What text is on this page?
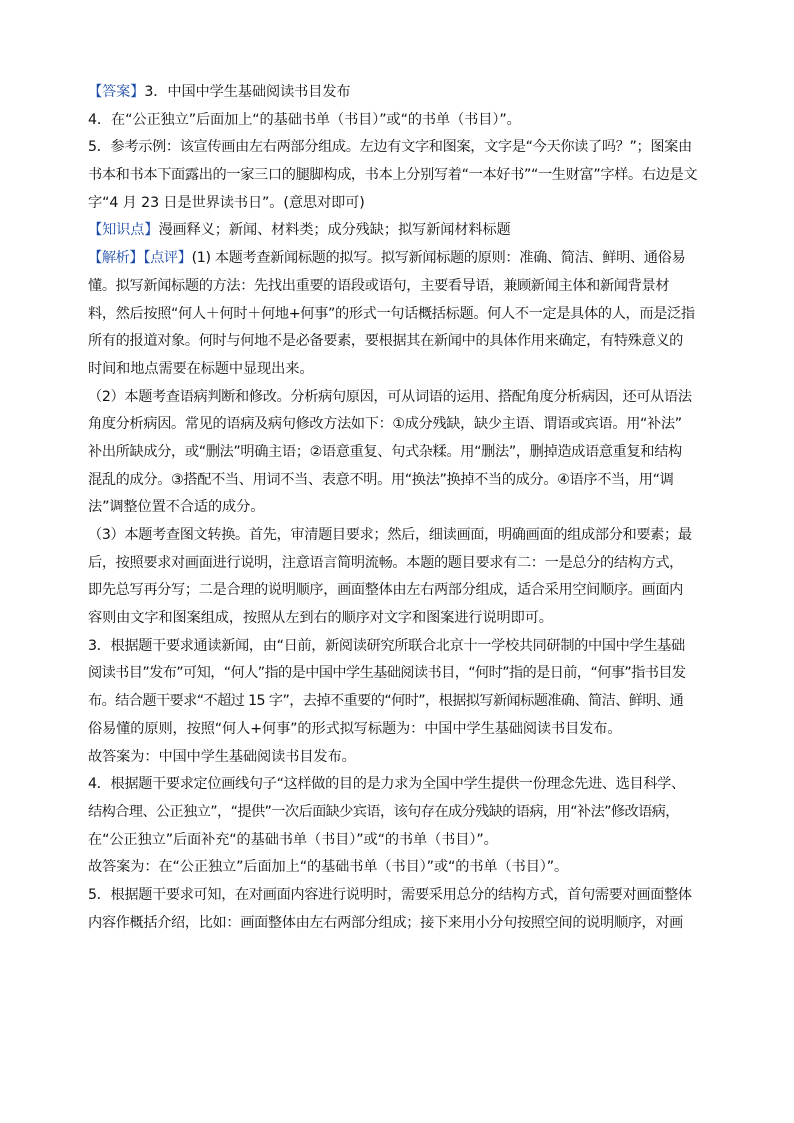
【答案】3．中国中学生基础阅读书目发布
4．在“公正独立”后面加上“的基础书单（书目）”或“的书单（书目）”。
5．参考示例：该宣传画由左右两部分组成。左边有文字和图案，文字是“今天你读了吗？”；图案由
书本和书本下面露出的一家三口的腿脚构成，书本上分别写着“一本好书”“一生财富”字样。右边是文
字“4 月 23 日是世界读书日”。(意思对即可)
【知识点】漫画释义；新闻、材料类；成分残缺；拟写新闻材料标题
【解析】【点评】(1) 本题考查新闻标题的拟写。拟写新闻标题的原则：准确、简洁、鲜明、通俗易
懂。拟写新闻标题的方法：先找出重要的语段或语句，主要看导语，兼顾新闻主体和新闻背景材
料，然后按照“何人＋何时＋何地+何事”的形式一句话概括标题。何人不一定是具体的人，而是泛指
所有的报道对象。何时与何地不是必备要素，要根据其在新闻中的具体作用来确定，有特殊意义的
时间和地点需要在标题中显现出来。
（2）本题考查语病判断和修改。分析病句原因，可从词语的运用、搭配角度分析病因，还可从语法
角度分析病因。常见的语病及病句修改方法如下：①成分残缺，缺少主语、谓语或宾语。用“补法”
补出所缺成分，或“删法”明确主语；②语意重复、句式杂糅。用“删法”，删掉造成语意重复和结构
混乱的成分。③搭配不当、用词不当、表意不明。用“换法”换掉不当的成分。④语序不当，用“调
法”调整位置不合适的成分。
（3）本题考查图文转换。首先，审清题目要求；然后，细读画面，明确画面的组成部分和要素；最
后，按照要求对画面进行说明，注意语言简明流畅。本题的题目要求有二：一是总分的结构方式，
即先总写再分写；二是合理的说明顺序，画面整体由左右两部分组成，适合采用空间顺序。画面内
容则由文字和图案组成，按照从左到右的顺序对文字和图案进行说明即可。
3．根据题干要求通读新闻，由“日前，新阅读研究所联合北京十一学校共同研制的中国中学生基础
阅读书目”发布”可知，“何人”指的是中国中学生基础阅读书目，“何时”指的是日前，“何事”指书目发
布。结合题干要求“不超过 15 字”，去掉不重要的“何时”，根据拟写新闻标题准确、简洁、鲜明、通
俗易懂的原则，按照“何人+何事”的形式拟写标题为：中国中学生基础阅读书目发布。
故答案为：中国中学生基础阅读书目发布。
4．根据题干要求定位画线句子“这样做的目的是力求为全国中学生提供一份理念先进、选目科学、
结构合理、公正独立”，“提供”一次后面缺少宾语，该句存在成分残缺的语病，用“补法”修改语病，
在“公正独立”后面补充“的基础书单（书目）”或“的书单（书目）”。
故答案为：在“公正独立”后面加上“的基础书单（书目）”或“的书单（书目）”。
5．根据题干要求可知，在对画面内容进行说明时，需要采用总分的结构方式，首句需要对画面整体
内容作概括介绍，比如：画面整体由左右两部分组成；接下来用小分句按照空间的说明顺序，对画
